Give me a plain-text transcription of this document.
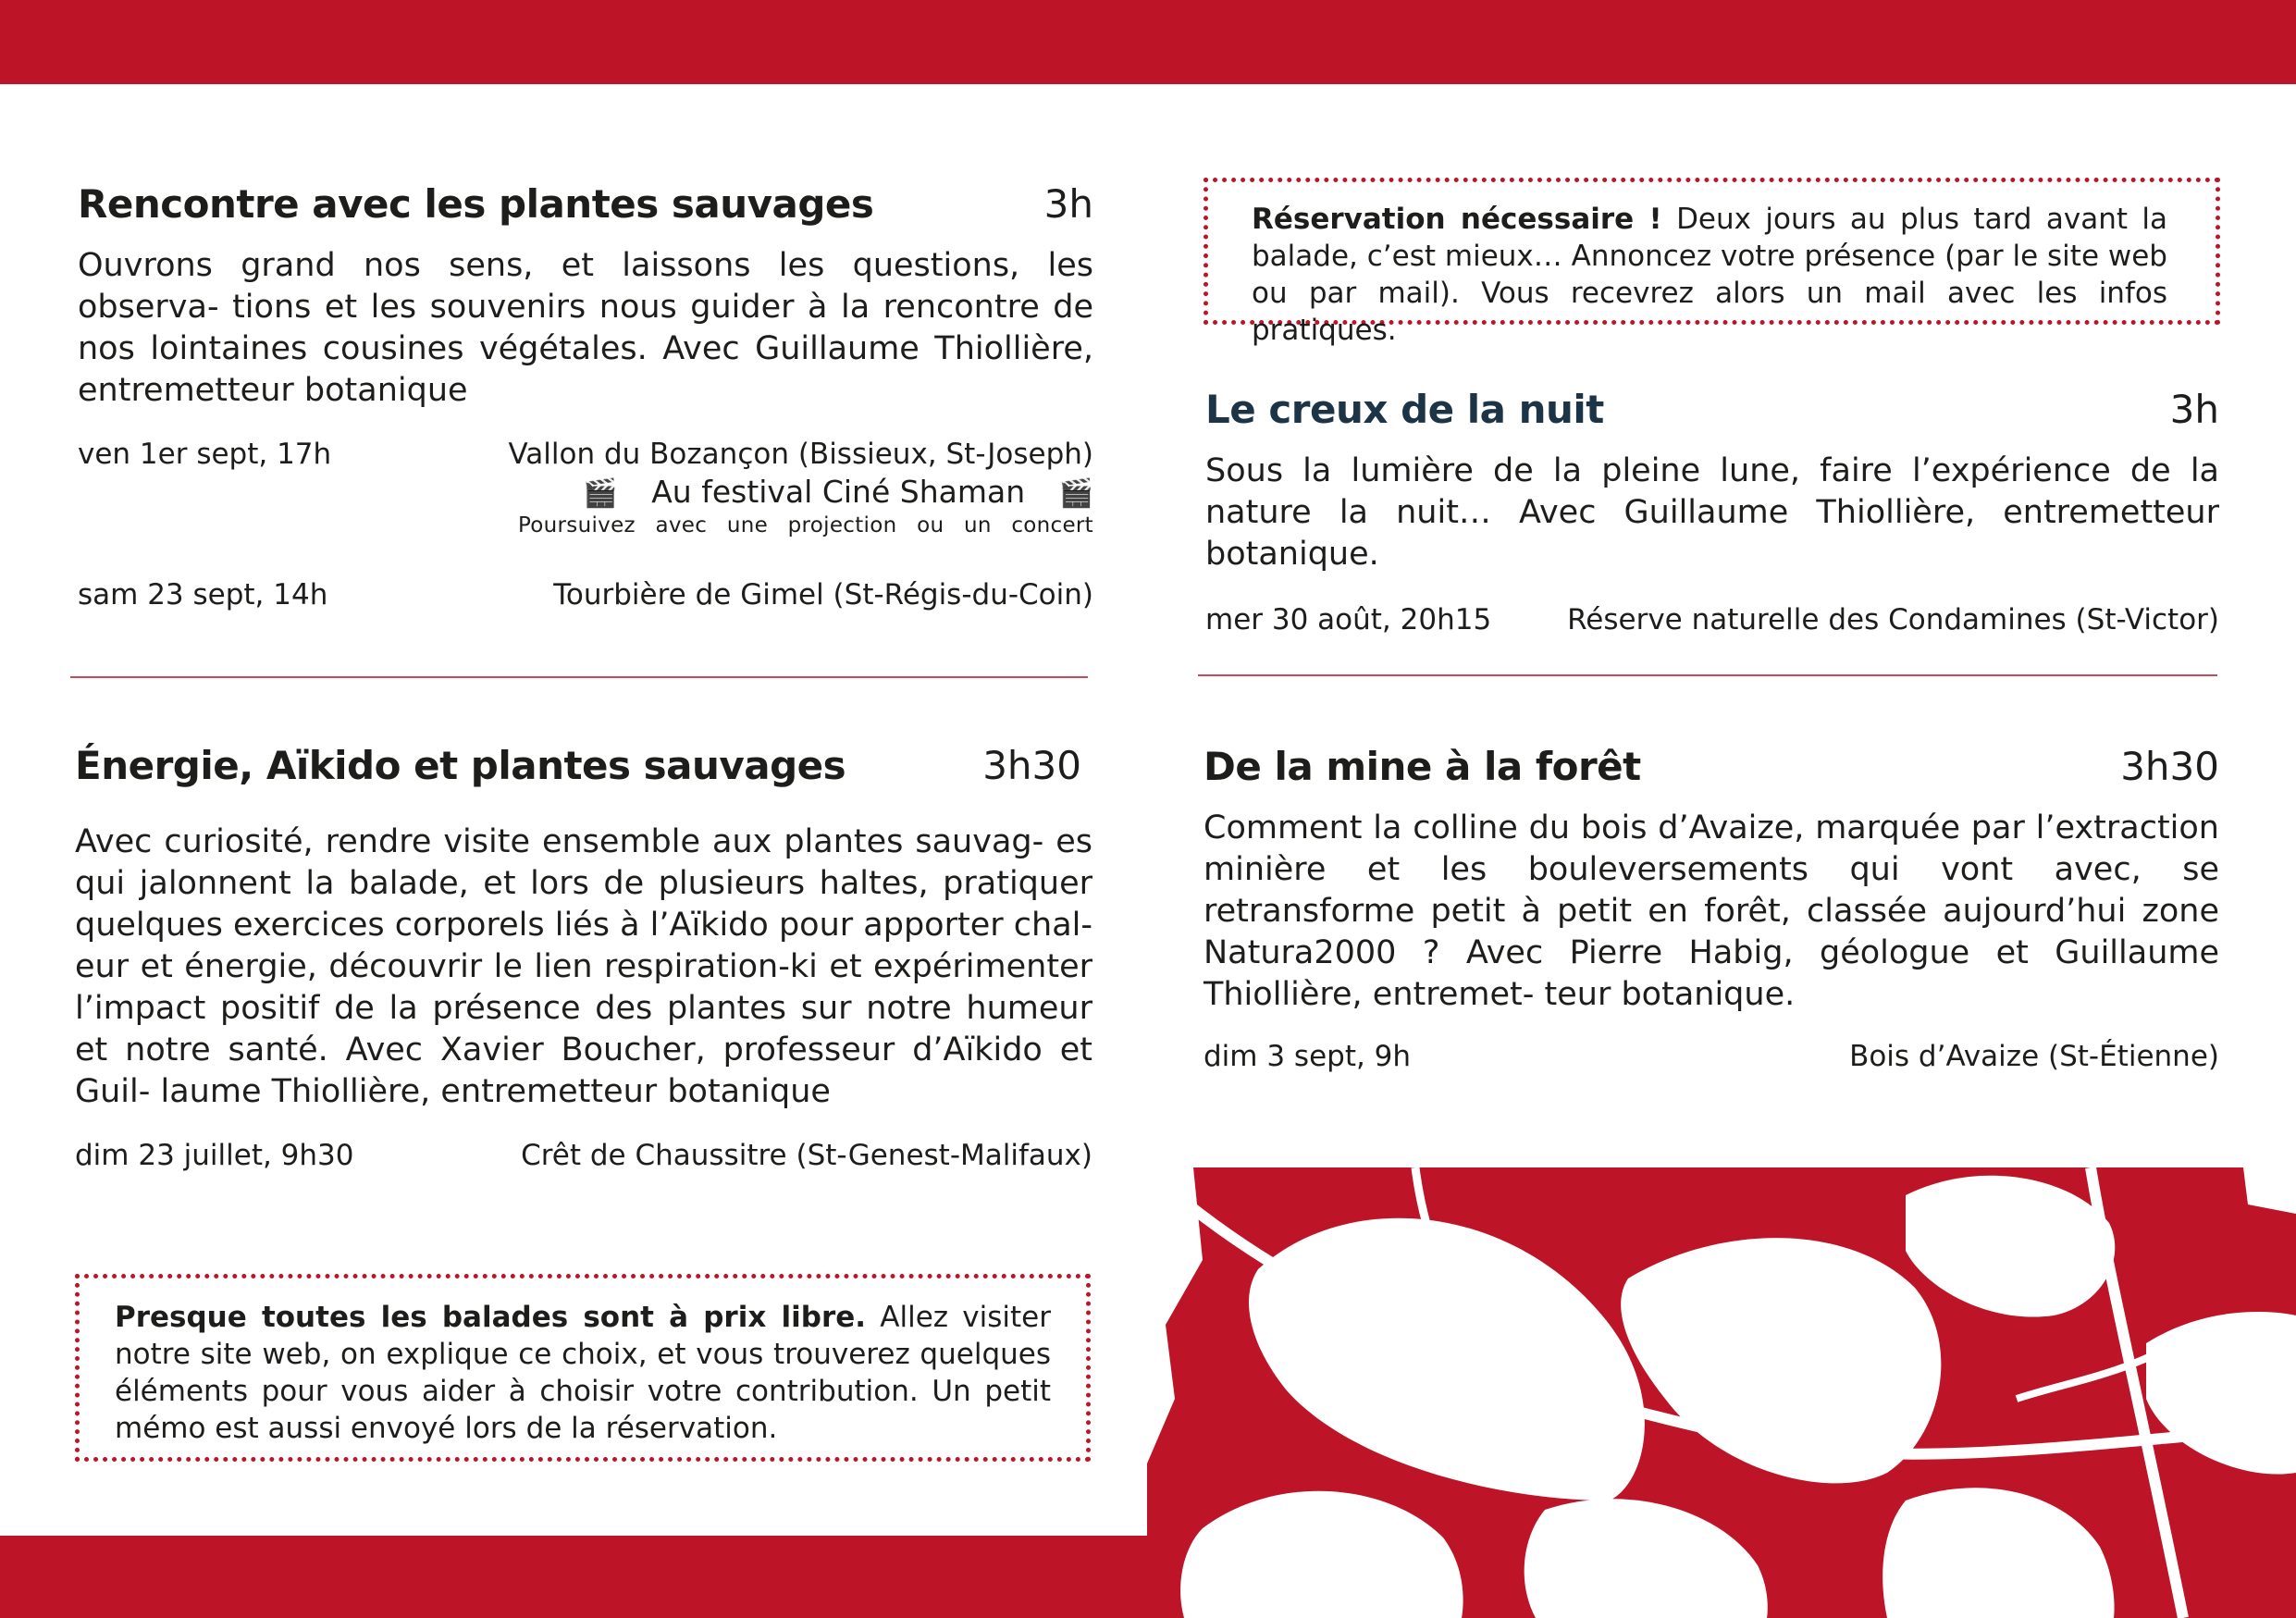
Rencontre avec les plantes sauvages	3h
Ouvrons grand nos sens, et laissons les questions, les observa- tions et les souvenirs nous guider à la rencontre de nos lointaines cousines végétales. Avec Guillaume Thiollière, entremetteur botanique
ven 1er sept, 17h	Vallon du Bozançon (Bissieux, St-Joseph)
🎬 Au festival Ciné Shaman 🎬
Poursuivez avec une projection ou un concert
sam 23 sept, 14h	Tourbière de Gimel (St-Régis-du-Coin)
Énergie, Aïkido et plantes sauvages	3h30
Avec curiosité, rendre visite ensemble aux plantes sauvag- es qui jalonnent la balade, et lors de plusieurs haltes, pratiquer quelques exercices corporels liés à l’Aïkido pour apporter chal- eur et énergie, découvrir le lien respiration-ki et expérimenter l’impact positif de la présence des plantes sur notre humeur et notre santé. Avec Xavier Boucher, professeur d’Aïkido et Guil- laume Thiollière, entremetteur botanique
dim 23 juillet, 9h30	Crêt de Chaussitre (St-Genest-Malifaux)
Presque toutes les balades sont à prix libre. Allez visiter notre site web, on explique ce choix, et vous trouverez quelques éléments pour vous aider à choisir votre contribution. Un petit mémo est aussi envoyé lors de la réservation.
Réservation nécessaire ! Deux jours au plus tard avant la balade, c’est mieux… Annoncez votre présence (par le site web ou par mail). Vous recevrez alors un mail avec les infos pratiques.
Le creux de la nuit	3h
Sous la lumière de la pleine lune, faire l’expérience de la nature la nuit… Avec Guillaume Thiollière, entremetteur botanique.
mer 30 août, 20h15	Réserve naturelle des Condamines (St-Victor)
De la mine à la forêt	3h30
Comment la colline du bois d’Avaize, marquée par l’extraction minière et les bouleversements qui vont avec, se retransforme petit à petit en forêt, classée aujourd’hui zone Natura2000 ? Avec Pierre Habig, géologue et Guillaume Thiollière, entremet- teur botanique.
dim 3 sept, 9h	Bois d’Avaize (St-Étienne)
